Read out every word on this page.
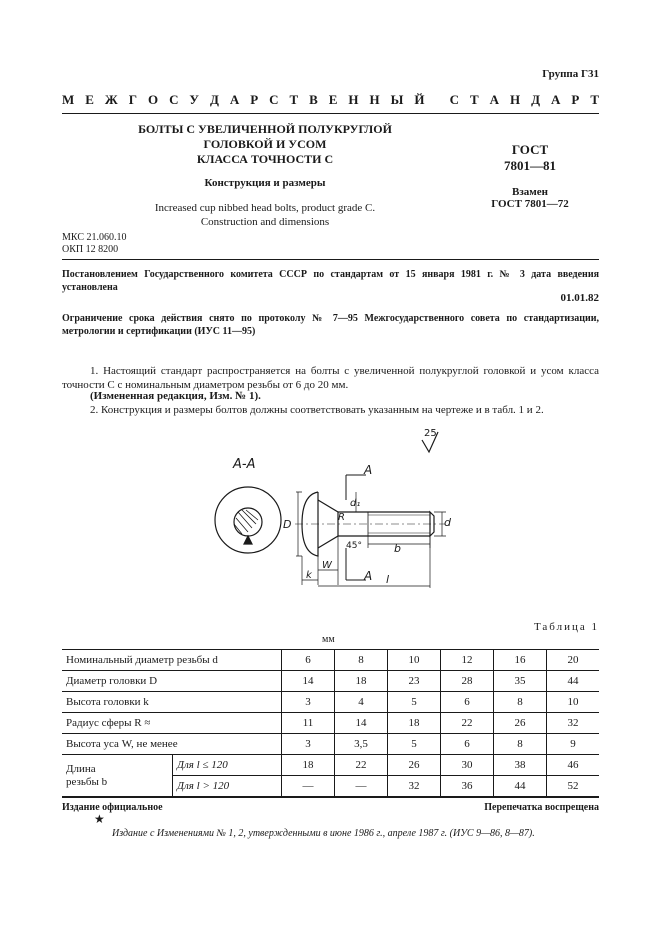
Группа Г31
М Е Ж Г О С У Д А Р С Т В Е Н Н Ы Й
С Т А Н Д А Р Т
БОЛТЫ С УВЕЛИЧЕННОЙ ПОЛУКРУГЛОЙ
ГОЛОВКОЙ И УСОМ
КЛАССА ТОЧНОСТИ С
Конструкция и размеры
Increased cup nibbed head bolts, product grade C.
Construction and dimensions
ГОСТ
7801—81
Взамен
ГОСТ 7801—72
МКС 21.060.10
ОКП 12 8200
Постановлением Государственного комитета СССР по стандартам от 15 января 1981 г. № 3 дата введения установлена
01.01.82
Ограничение срока действия снято по протоколу № 7—95 Межгосударственного совета по стандартизации, метрологии и сертификации (ИУС 11—95)
1. Настоящий стандарт распространяется на болты с увеличенной полукруглой головкой и усом класса точности С с номинальным диаметром резьбы от 6 до 20 мм.
(Измененная редакция, Изм. № 1).
2. Конструкция и размеры болтов должны соответствовать указанным на чертеже и в табл. 1 и 2.
25
А-А	А
А
D
d₁
R
45°	b
d
W
k	l
Таблица 1
мм
Номинальный диаметр резьбы d		6	8	10	12	16	20
Диаметр головки D		14	18	23	28	35	44
Высота головки k		3	4	5	6	8	10
Радиус сферы R ≈		11	14	18	22	26	32
Высота уса W, не менее		3	3,5	5	6	8	9

Длина
резьбы b	Для l ≤ 120	18	22	26	30	38	46
	Для l > 120	—	—	32	36	44	52
Издание официальное	Перепечатка воспрещена
★
Издание с Изменениями № 1, 2, утвержденными в июне 1986 г., апреле 1987 г. (ИУС 9—86, 8—87).
